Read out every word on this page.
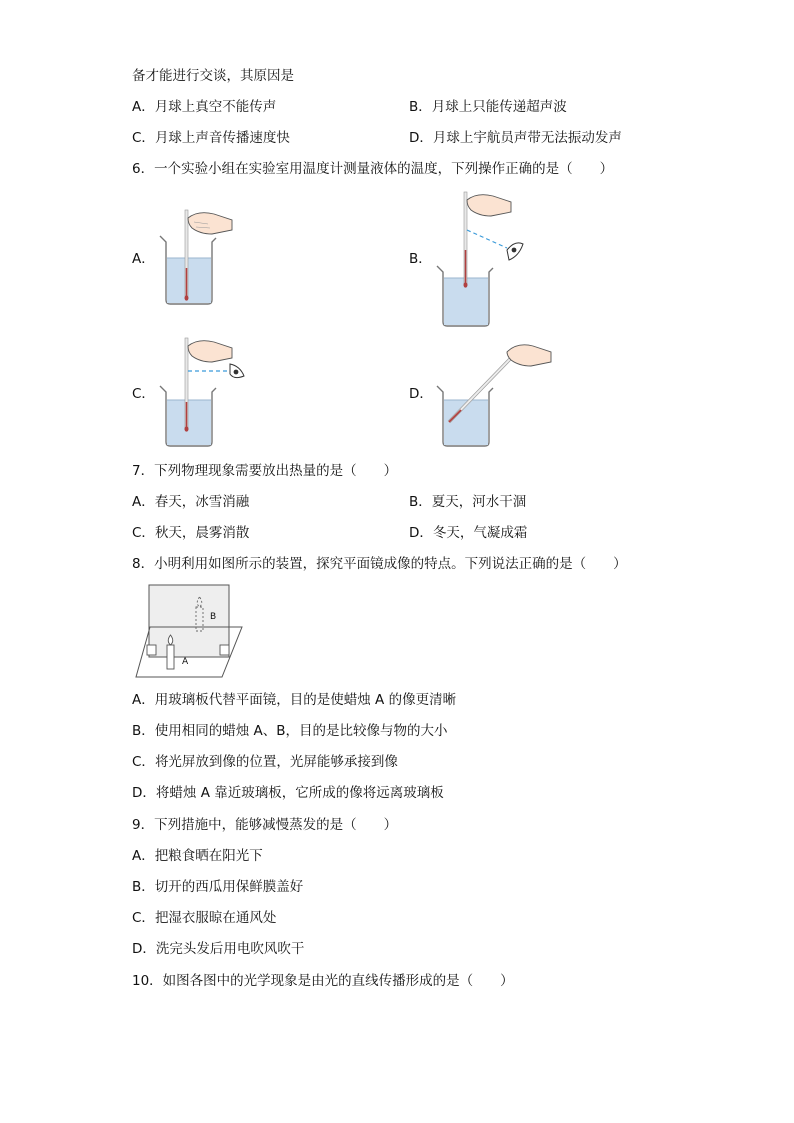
备才能进行交谈，其原因是
A．月球上真空不能传声	B．月球上只能传递超声波
C．月球上声音传播速度快	D．月球上宇航员声带无法振动发声
6．一个实验小组在实验室用温度计测量液体的温度，下列操作正确的是（　　）
A．	B．
C．	D．
7．下列物理现象需要放出热量的是（　　）
A．春天，冰雪消融	B．夏天，河水干涸
C．秋天，晨雾消散	D．冬天，气凝成霜
8．小明利用如图所示的装置，探究平面镜成像的特点。下列说法正确的是（　　）
A
B
A．用玻璃板代替平面镜，目的是使蜡烛 A 的像更清晰
B．使用相同的蜡烛 A、B，目的是比较像与物的大小
C．将光屏放到像的位置，光屏能够承接到像
D．将蜡烛 A 靠近玻璃板，它所成的像将远离玻璃板
9．下列措施中，能够减慢蒸发的是（　　）
A．把粮食晒在阳光下
B．切开的西瓜用保鲜膜盖好
C．把湿衣服晾在通风处
D．洗完头发后用电吹风吹干
10．如图各图中的光学现象是由光的直线传播形成的是（　　）
